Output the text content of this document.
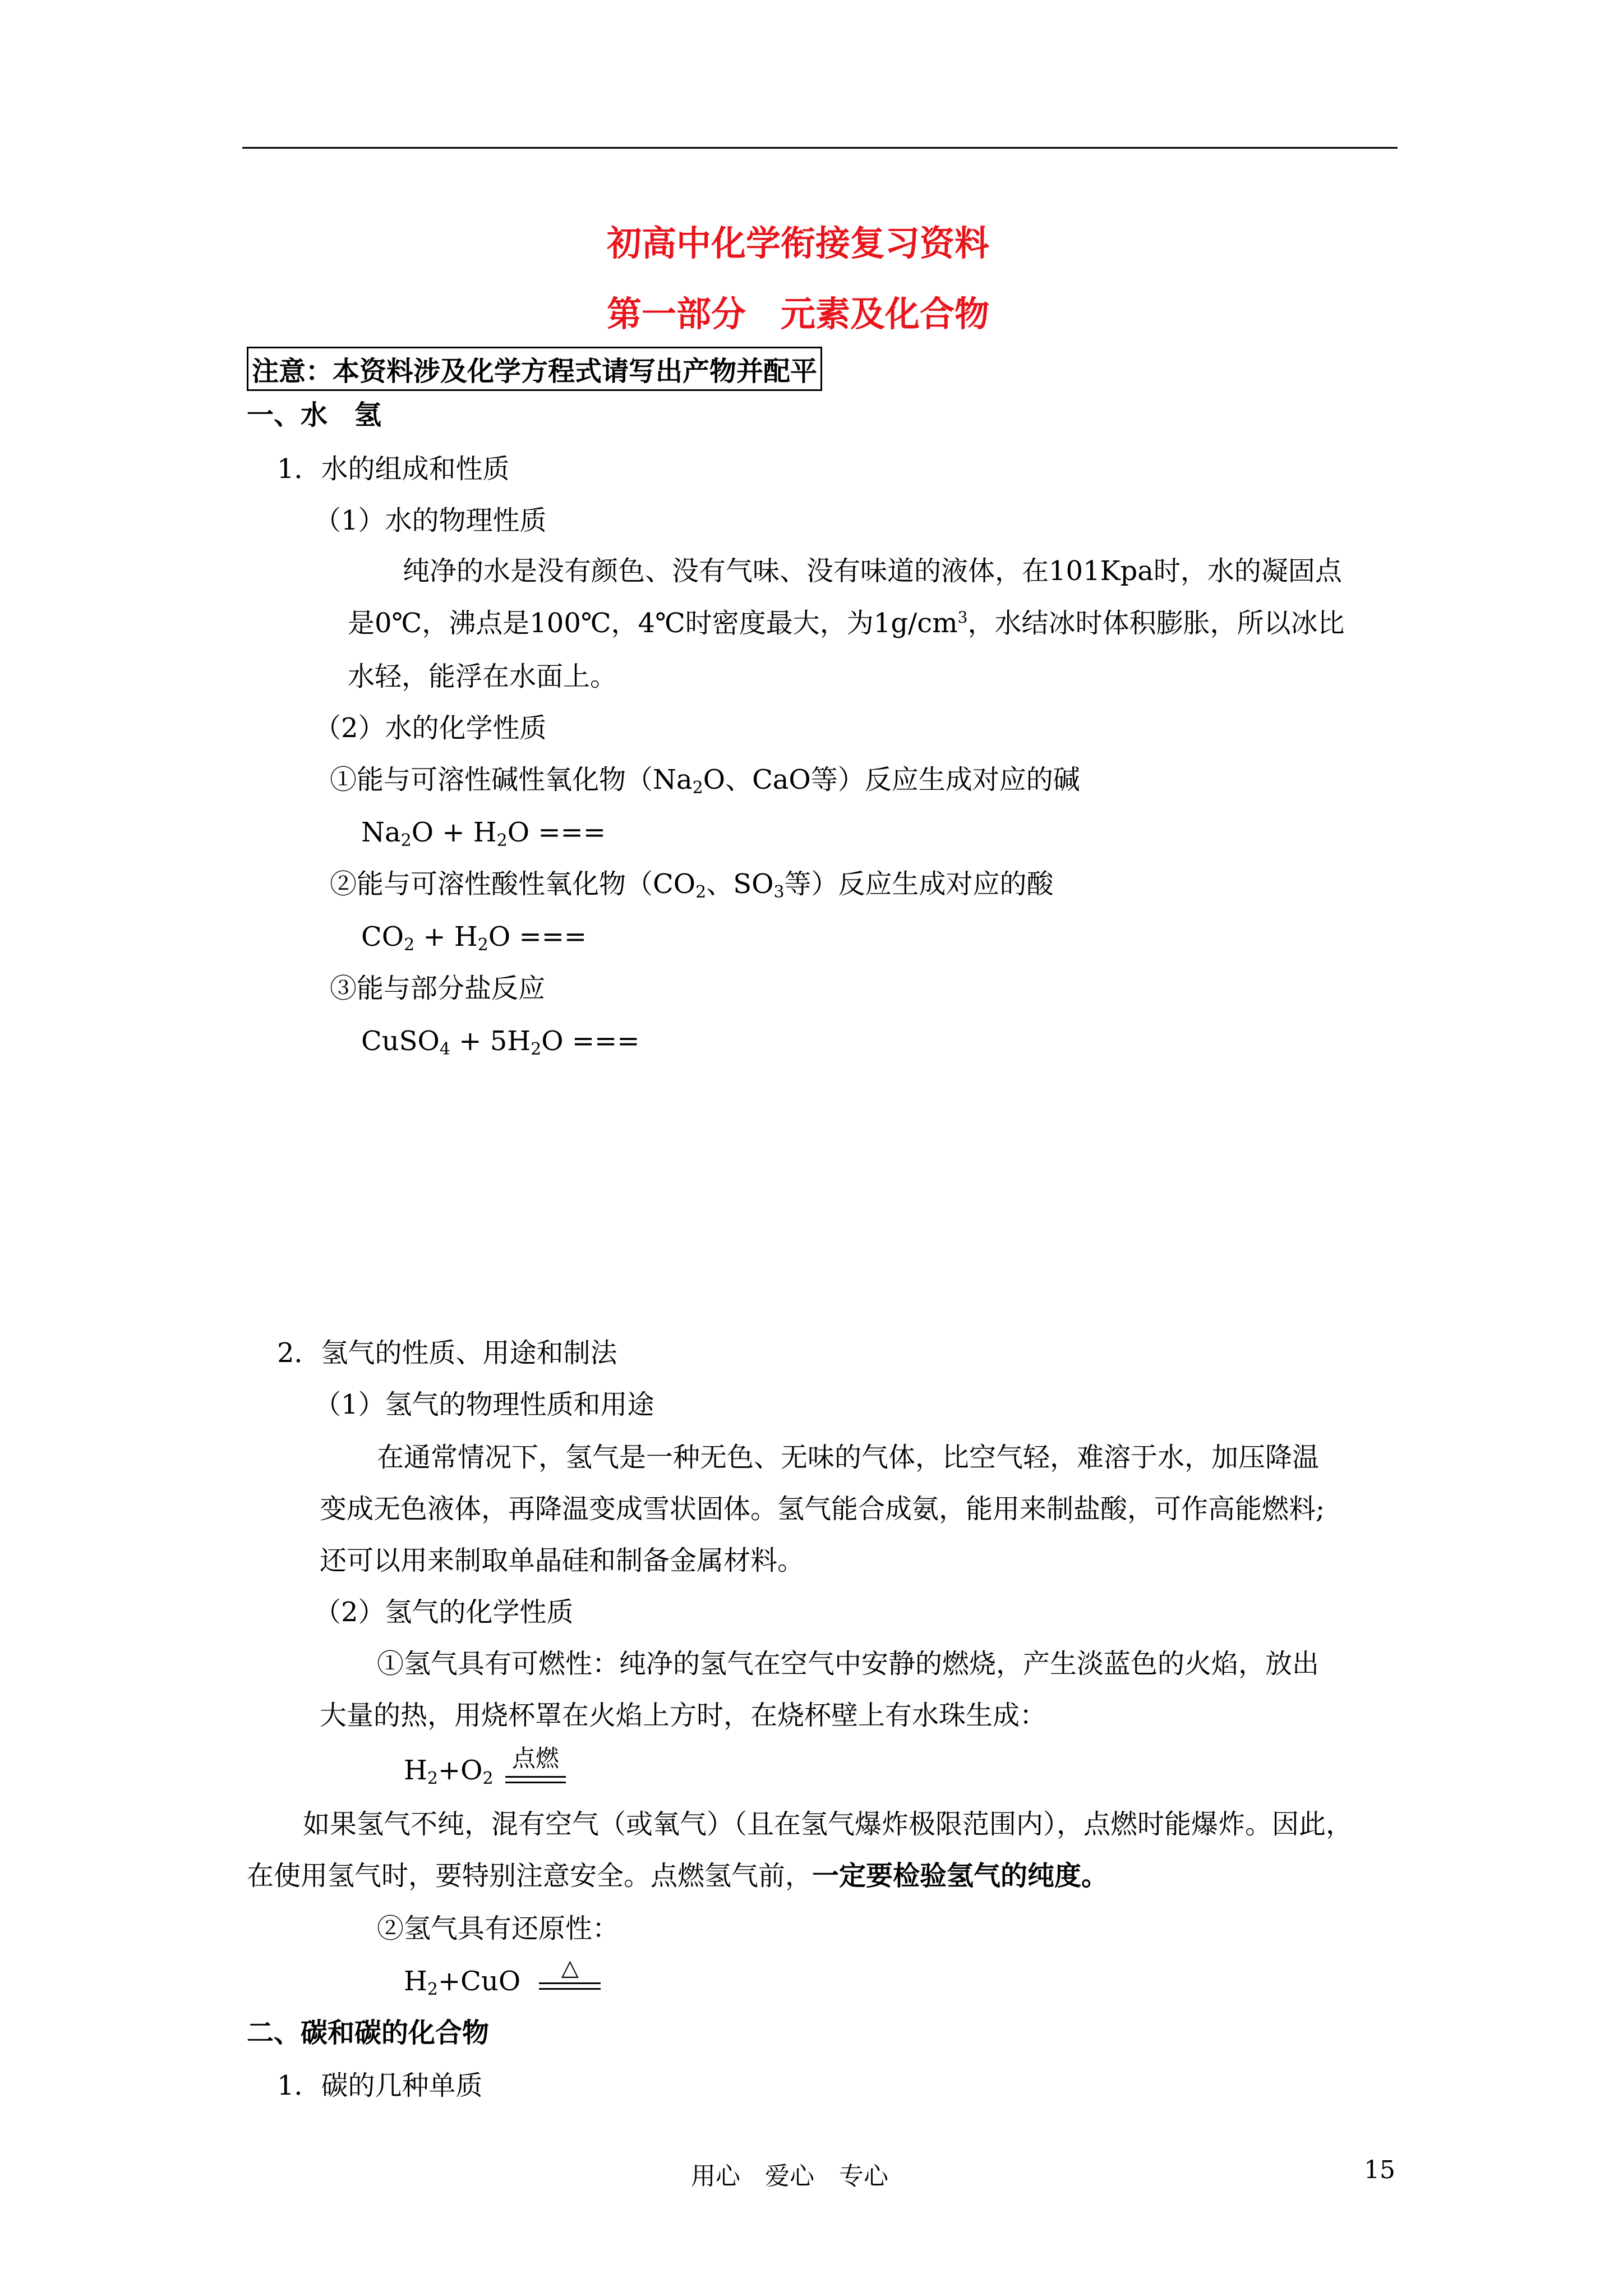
初高中化学衔接复习资料
第一部分　元素及化合物
注意：本资料涉及化学方程式请写出产物并配平
一、水　氢
1．水的组成和性质
（1）水的物理性质
纯净的水是没有颜色、没有气味、没有味道的液体，在101Kpa时，水的凝固点
是0℃，沸点是100℃，4℃时密度最大，为$1g/cm^3$，水结冰时体积膨胀，所以冰比
水轻，能浮在水面上。
（2）水的化学性质
①能与可溶性碱性氧化物（$Na_2O$、CaO等）反应生成对应的碱
$Na_2O + H_2O$ ===
②能与可溶性酸性氧化物（$CO_2$、$SO_3$等）反应生成对应的酸
$CO_2 + H_2O$ ===
③能与部分盐反应
CuSO$_4$ + $5H_2O$ ===
2．氢气的性质、用途和制法
（1）氢气的物理性质和用途
在通常情况下，氢气是一种无色、无味的气体，比空气轻，难溶于水，加压降温
变成无色液体，再降温变成雪状固体。氢气能合成氨，能用来制盐酸，可作高能燃料;
还可以用来制取单晶硅和制备金属材料。
（2）氢气的化学性质
①氢气具有可燃性：纯净的氢气在空气中安静的燃烧，产生淡蓝色的火焰，放出
大量的热，用烧杯罩在火焰上方时，在烧杯壁上有水珠生成：
$H_2+O_2$
点燃
如果氢气不纯，混有空气（或氧气）（且在氢气爆炸极限范围内），点燃时能爆炸。因此，
在使用氢气时，要特别注意安全。点燃氢气前，一定要检验氢气的纯度。
②氢气具有还原性：
$H_2+CuO$	△
二、碳和碳的化合物
1．碳的几种单质
用心　爱心　专心	15
